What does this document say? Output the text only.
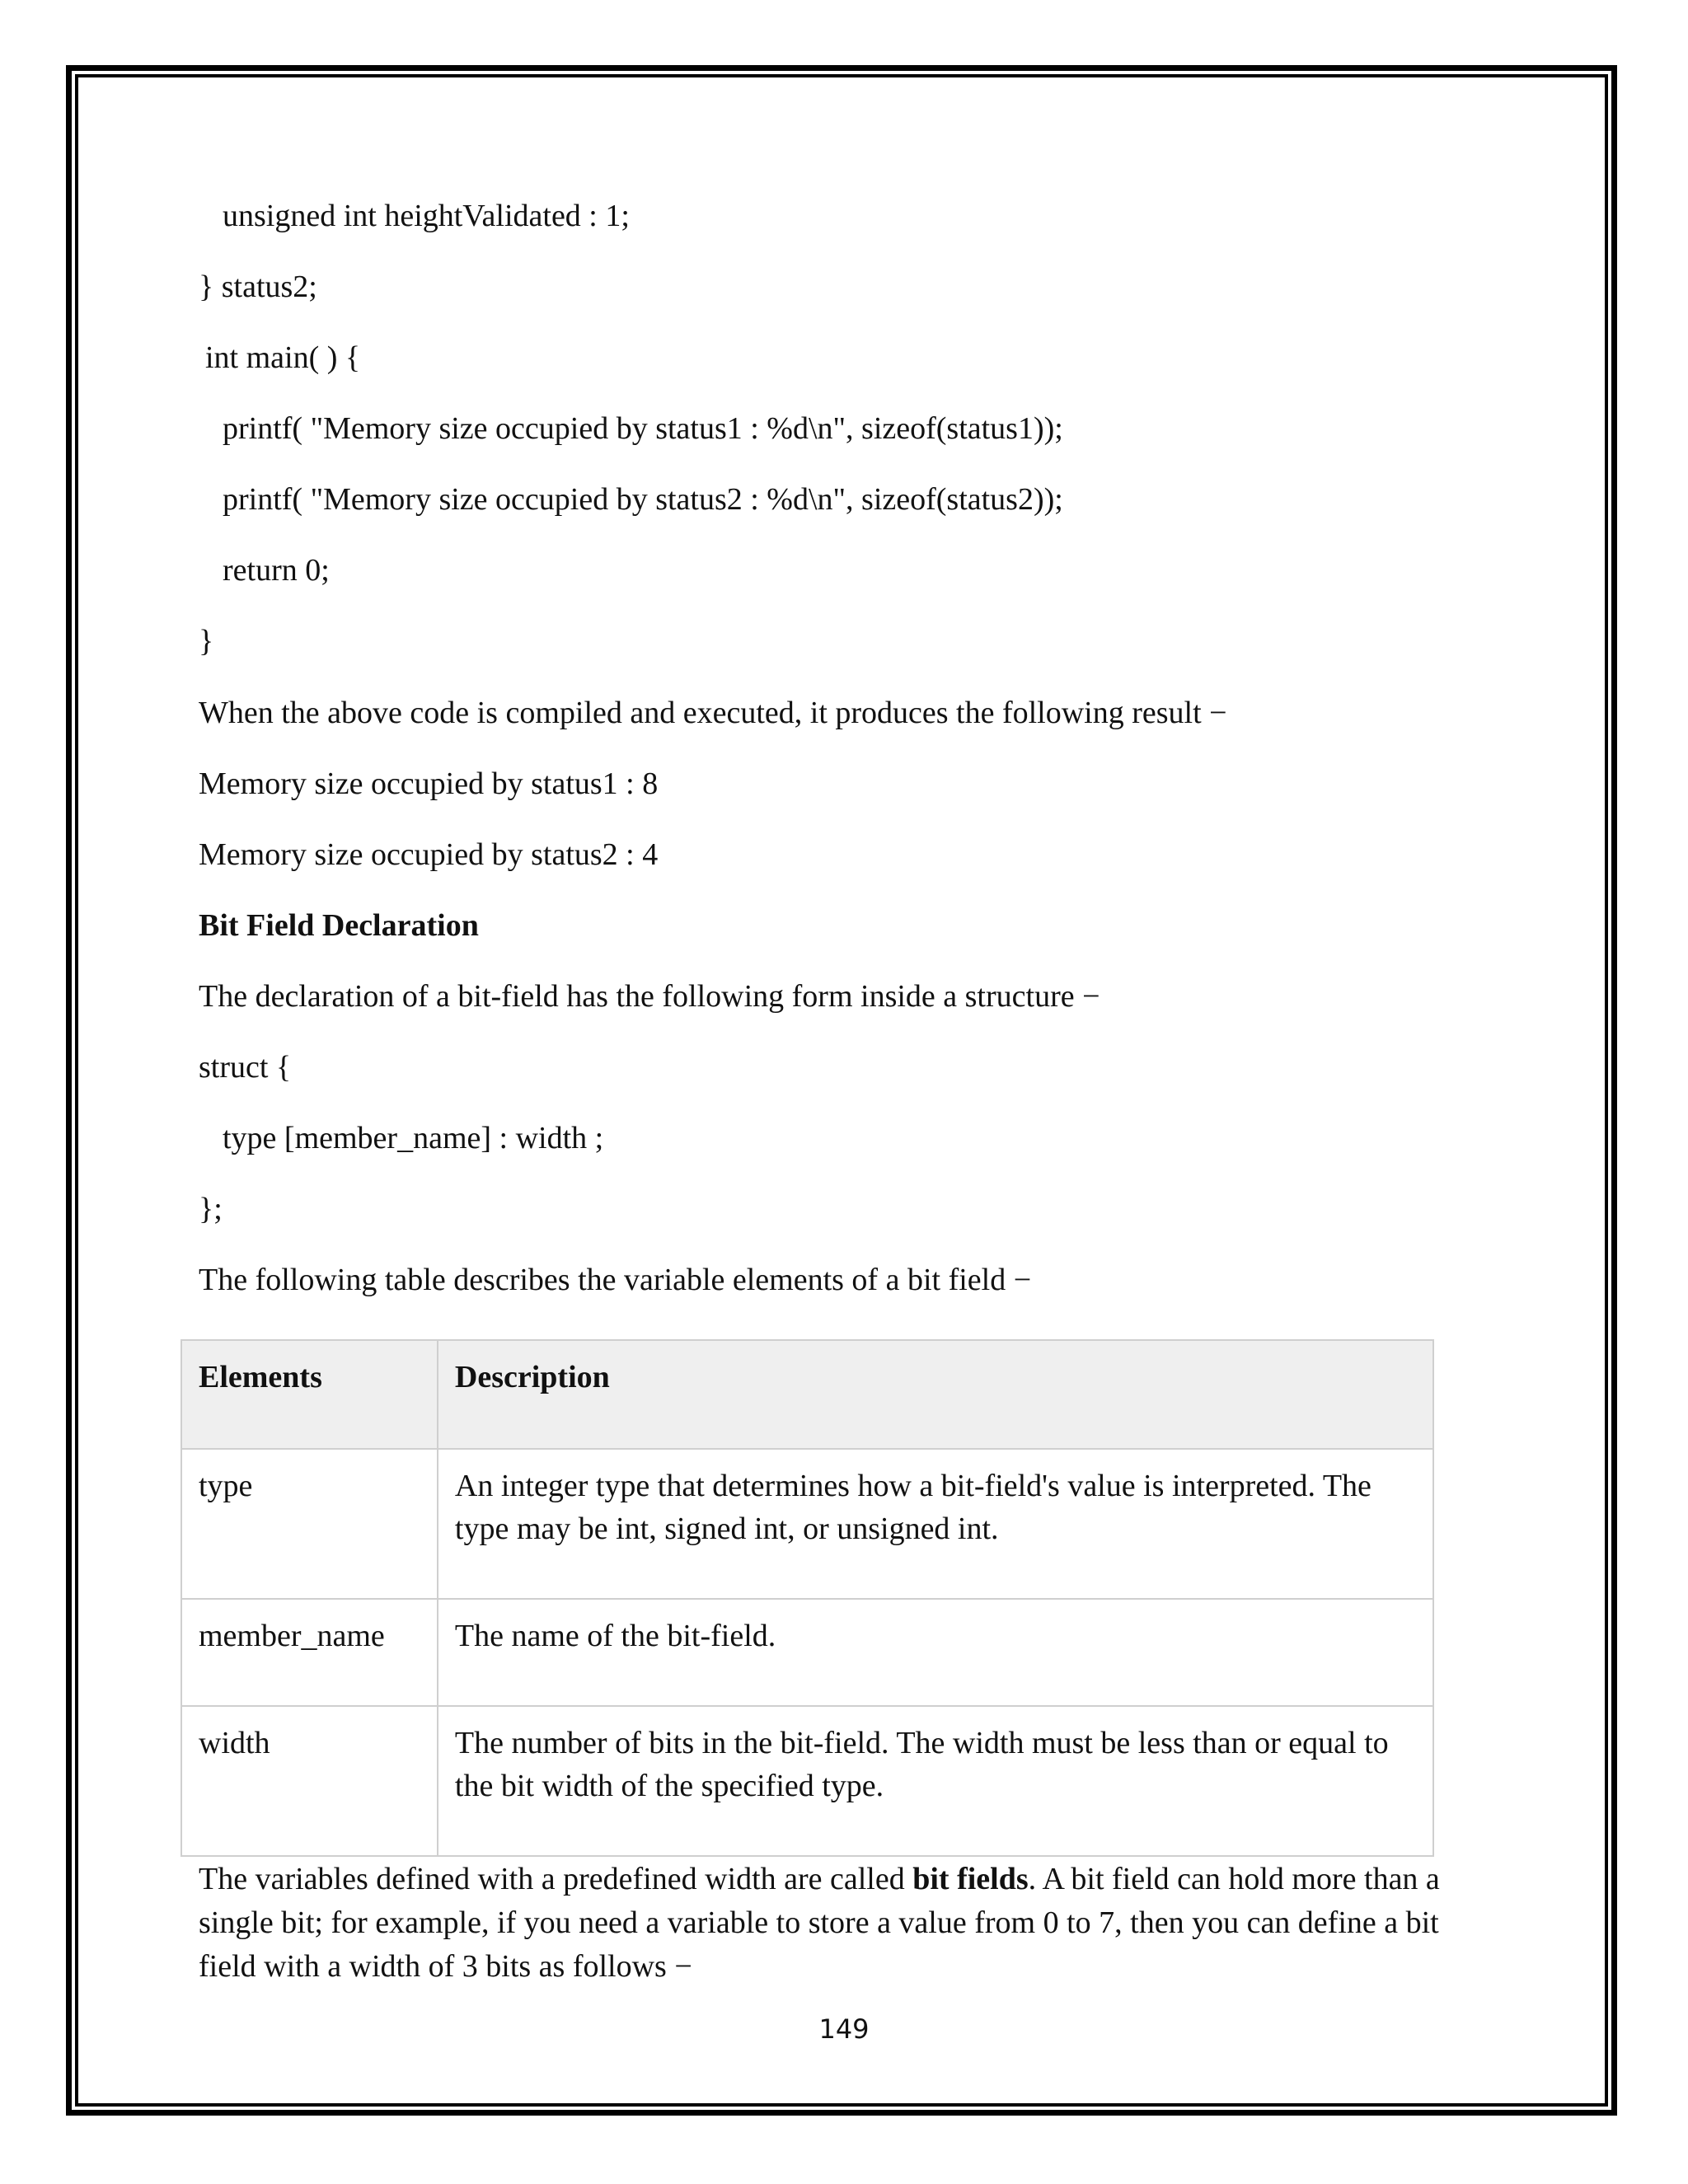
unsigned int heightValidated : 1;

} status2;

int main( ) {

printf( "Memory size occupied by status1 : %d\n", sizeof(status1));

printf( "Memory size occupied by status2 : %d\n", sizeof(status2));

return 0;

}

When the above code is compiled and executed, it produces the following result −

Memory size occupied by status1 : 8

Memory size occupied by status2 : 4

Bit Field Declaration

The declaration of a bit-field has the following form inside a structure −

struct {

type [member_name] : width ;

};

The following table describes the variable elements of a bit field −

Elements	Description
type	An integer type that determines how a bit-field's value is interpreted. The type may be int, signed int, or unsigned int.
member_name	The name of the bit-field.
width	The number of bits in the bit-field. The width must be less than or equal to the bit width of the specified type.

The variables defined with a predefined width are called bit fields. A bit field can hold more than a single bit; for example, if you need a variable to store a value from 0 to 7, then you can define a bit field with a width of 3 bits as follows −

149
